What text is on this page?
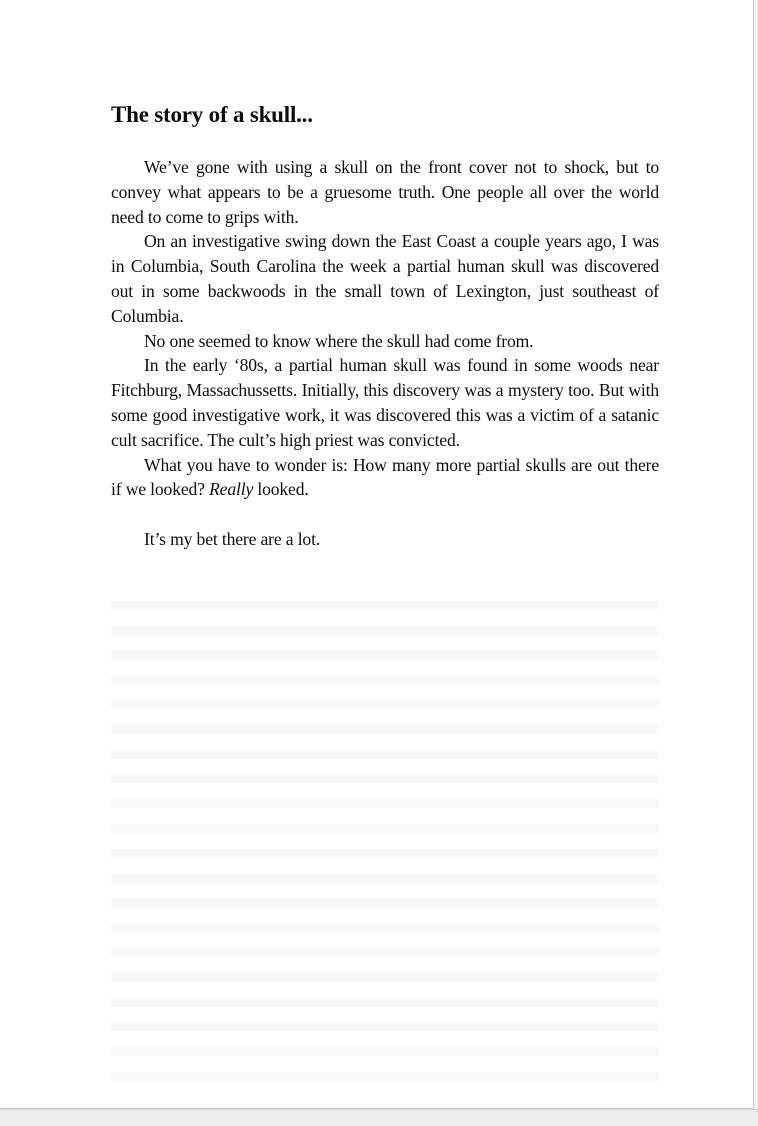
The story of a skull...

We’ve gone with using a skull on the front cover not to shock, but to convey what appears to be a gruesome truth. One people all over the world need to come to grips with.

On an investigative swing down the East Coast a couple years ago, I was in Columbia, South Carolina the week a partial human skull was discovered out in some backwoods in the small town of Lexington, just southeast of Columbia.

No one seemed to know where the skull had come from.

In the early ‘80s, a partial human skull was found in some woods near Fitchburg, Massachussetts. Initially, this discovery was a mystery too. But with some good investigative work, it was discovered this was a victim of a satanic cult sacrifice. The cult’s high priest was convicted.

What you have to wonder is: How many more partial skulls are out there if we looked? Really looked.

It’s my bet there are a lot.
